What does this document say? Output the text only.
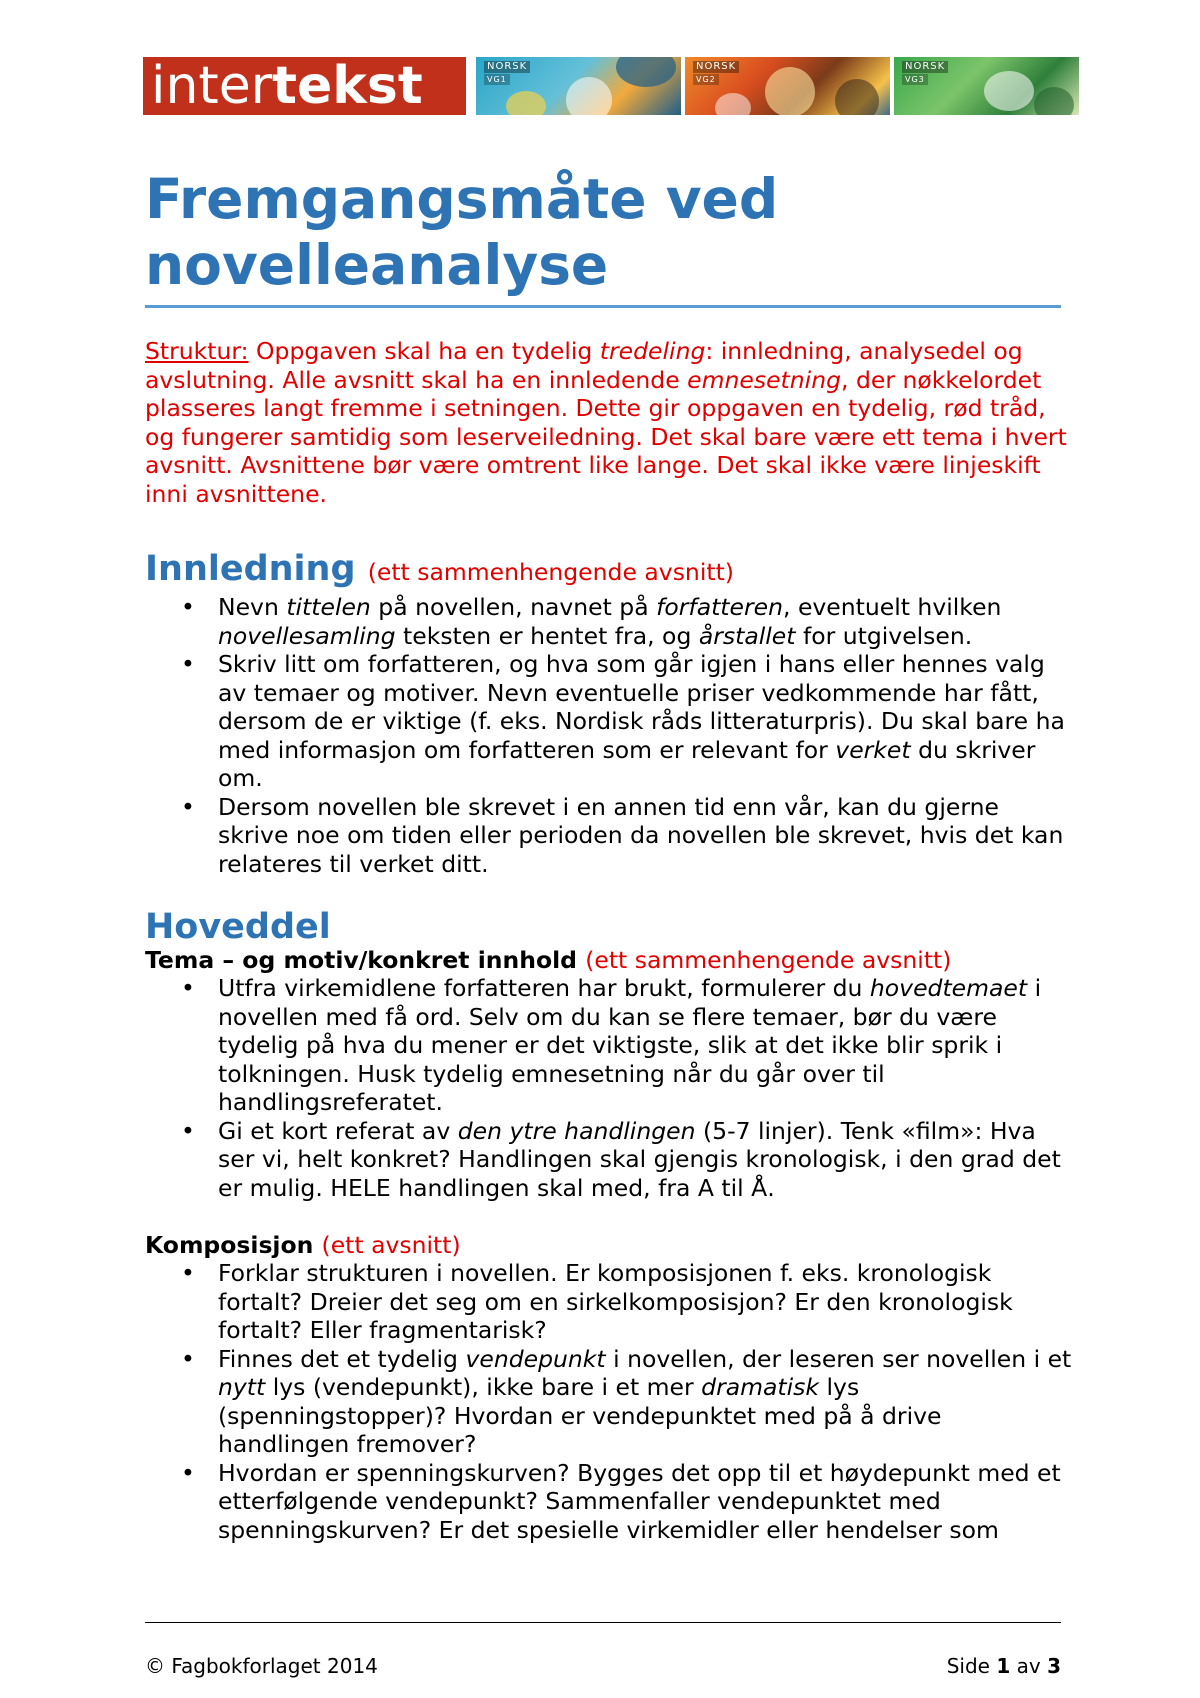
inter tekst	NORSK
VG1
NORSK
VG2
NORSK
VG3
Fremgangsmåte ved novelleanalyse

Struktur: Oppgaven skal ha en tydelig tredeling: innledning, analysedel og avslutning. Alle avsnitt skal ha en innledende emnesetning, der nøkkelordet plasseres langt fremme i setningen. Dette gir oppgaven en tydelig, rød tråd, og fungerer samtidig som leserveiledning. Det skal bare være ett tema i hvert avsnitt. Avsnittene bør være omtrent like lange. Det skal ikke være linjeskift inni avsnittene.

Innledning (ett sammenhengende avsnitt)
• Nevn tittelen på novellen, navnet på forfatteren, eventuelt hvilken novellesamling teksten er hentet fra, og årstallet for utgivelsen.
• Skriv litt om forfatteren, og hva som går igjen i hans eller hennes valg av temaer og motiver. Nevn eventuelle priser vedkommende har fått, dersom de er viktige (f. eks. Nordisk råds litteraturpris). Du skal bare ha med informasjon om forfatteren som er relevant for verket du skriver om.
• Dersom novellen ble skrevet i en annen tid enn vår, kan du gjerne skrive noe om tiden eller perioden da novellen ble skrevet, hvis det kan relateres til verket ditt.
Hoveddel
Tema – og motiv/konkret innhold (ett sammenhengende avsnitt)
• Utfra virkemidlene forfatteren har brukt, formulerer du hovedtemaet i novellen med få ord. Selv om du kan se flere temaer, bør du være tydelig på hva du mener er det viktigste, slik at det ikke blir sprik i tolkningen. Husk tydelig emnesetning når du går over til handlingsreferatet.
• Gi et kort referat av den ytre handlingen (5-7 linjer). Tenk «film»: Hva ser vi, helt konkret? Handlingen skal gjengis kronologisk, i den grad det er mulig. HELE handlingen skal med, fra A til Å.
Komposisjon (ett avsnitt)
• Forklar strukturen i novellen. Er komposisjonen f. eks. kronologisk fortalt? Dreier det seg om en sirkelkomposisjon? Er den kronologisk fortalt? Eller fragmentarisk?
• Finnes det et tydelig vendepunkt i novellen, der leseren ser novellen i et nytt lys (vendepunkt), ikke bare i et mer dramatisk lys (spenningstopper)? Hvordan er vendepunktet med på å drive handlingen fremover?
• Hvordan er spenningskurven? Bygges det opp til et høydepunkt med et etterfølgende vendepunkt? Sammenfaller vendepunktet med spenningskurven? Er det spesielle virkemidler eller hendelser som
© Fagbokforlaget 2014	Side 1 av 3
